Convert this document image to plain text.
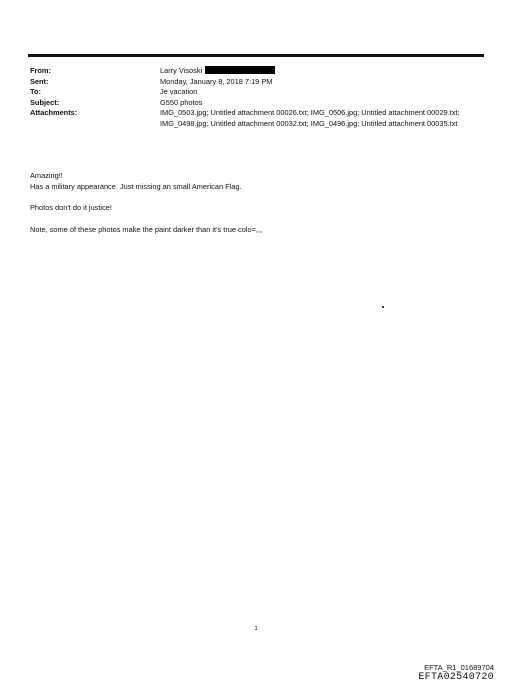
From:	Larry Visoski
Sent:	Monday, January 8, 2018 7:19 PM
To:	Je vacation
Subject:	G550 photos
Attachments:	IMG_0503.jpg; Untitled attachment 00026.txt; IMG_0506.jpg; Untitled attachment 00029.txt; IMG_0498.jpg; Untitled attachment 00032.txt; IMG_0496.jpg; Untitled attachment 00035.txt

Amazing!!

Has a military appearance. Just missing an small American Flag.

Photos don't do it justice!

Note, some of these photos make the paint darker than it's true colo=,,,

1
EFTA_R1_01689704
EFTA02540720
